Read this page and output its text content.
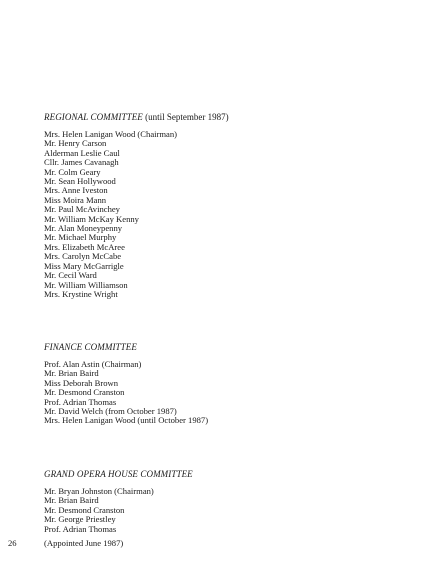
REGIONAL COMMITTEE (until September 1987)
Mrs. Helen Lanigan Wood (Chairman)
Mr. Henry Carson
Alderman Leslie Caul
Cllr. James Cavanagh
Mr. Colm Geary
Mr. Sean Hollywood
Mrs. Anne Iveston
Miss Moira Mann
Mr. Paul McAvinchey
Mr. William McKay Kenny
Mr. Alan Moneypenny
Mr. Michael Murphy
Mrs. Elizabeth McAree
Mrs. Carolyn McCabe
Miss Mary McGarrigle
Mr. Cecil Ward
Mr. William Williamson
Mrs. Krystine Wright
FINANCE COMMITTEE
Prof. Alan Astin (Chairman)
Mr. Brian Baird
Miss Deborah Brown
Mr. Desmond Cranston
Prof. Adrian Thomas
Mr. David Welch (from October 1987)
Mrs. Helen Lanigan Wood (until October 1987)
GRAND OPERA HOUSE COMMITTEE
Mr. Bryan Johnston (Chairman)
Mr. Brian Baird
Mr. Desmond Cranston
Mr. George Priestley
Prof. Adrian Thomas
26	(Appointed June 1987)
